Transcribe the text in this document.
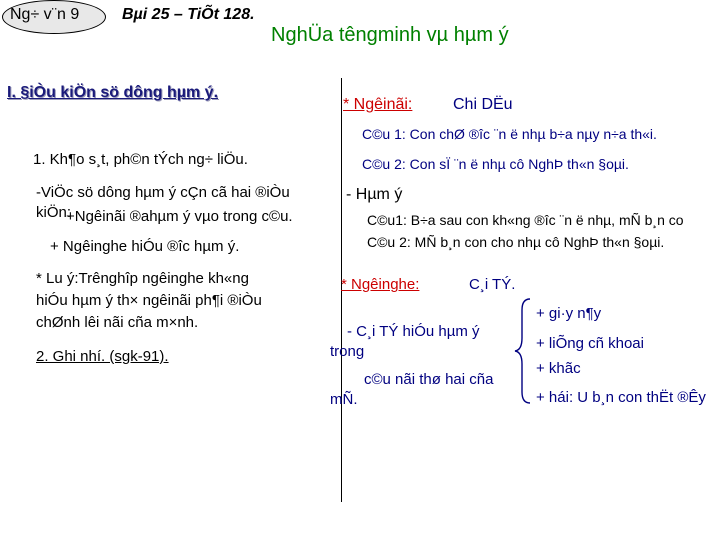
Ng÷ v¨n 9	Bµi 25 – TiÕt 128.
NghÜa têngminh vµ hµm ý
I. §iÒu kiÖn sö dông hµm ý.
* Ngêinãi:	Chi DËu
C©u 1: Con chØ ®îc ¨n ë nhµ b÷a nµy n÷a th«i.
C©u 2: Con sÏ ¨n ë nhµ cô NghÞ th«n §oµi.
- Hµm ý
C©u1: B÷a sau con kh«ng ®îc ¨n ë nhµ, mÑ b¸n co
C©u 2: MÑ b¸n con cho nhµ cô NghÞ th«n §oµi.
* Ngêinghe:	C¸i TÝ.
- C¸i TÝ hiÓu hµm ý
trong
c©u nãi thø hai cña
mÑ.
+ gi·y n¶y
+ liÕng cñ khoai
+ khãc
+ hái: U b¸n con thËt ®Êy
1. Kh¶o s¸t, ph©n tÝch ng÷ liÖu.
-ViÖc sö dông hµm ý cÇn cã hai ®iÒu
kiÖn:
+Ngêinãi ®ahµm ý vµo trong c©u.
+ Ngêinghe hiÓu ®îc hµm ý.
* Lu ý:Trênghîp ngêinghe kh«ng
hiÓu hµm ý th× ngêinãi ph¶i ®iÒu
chØnh lêi nãi cña m×nh.
2. Ghi nhí. (sgk-91).
